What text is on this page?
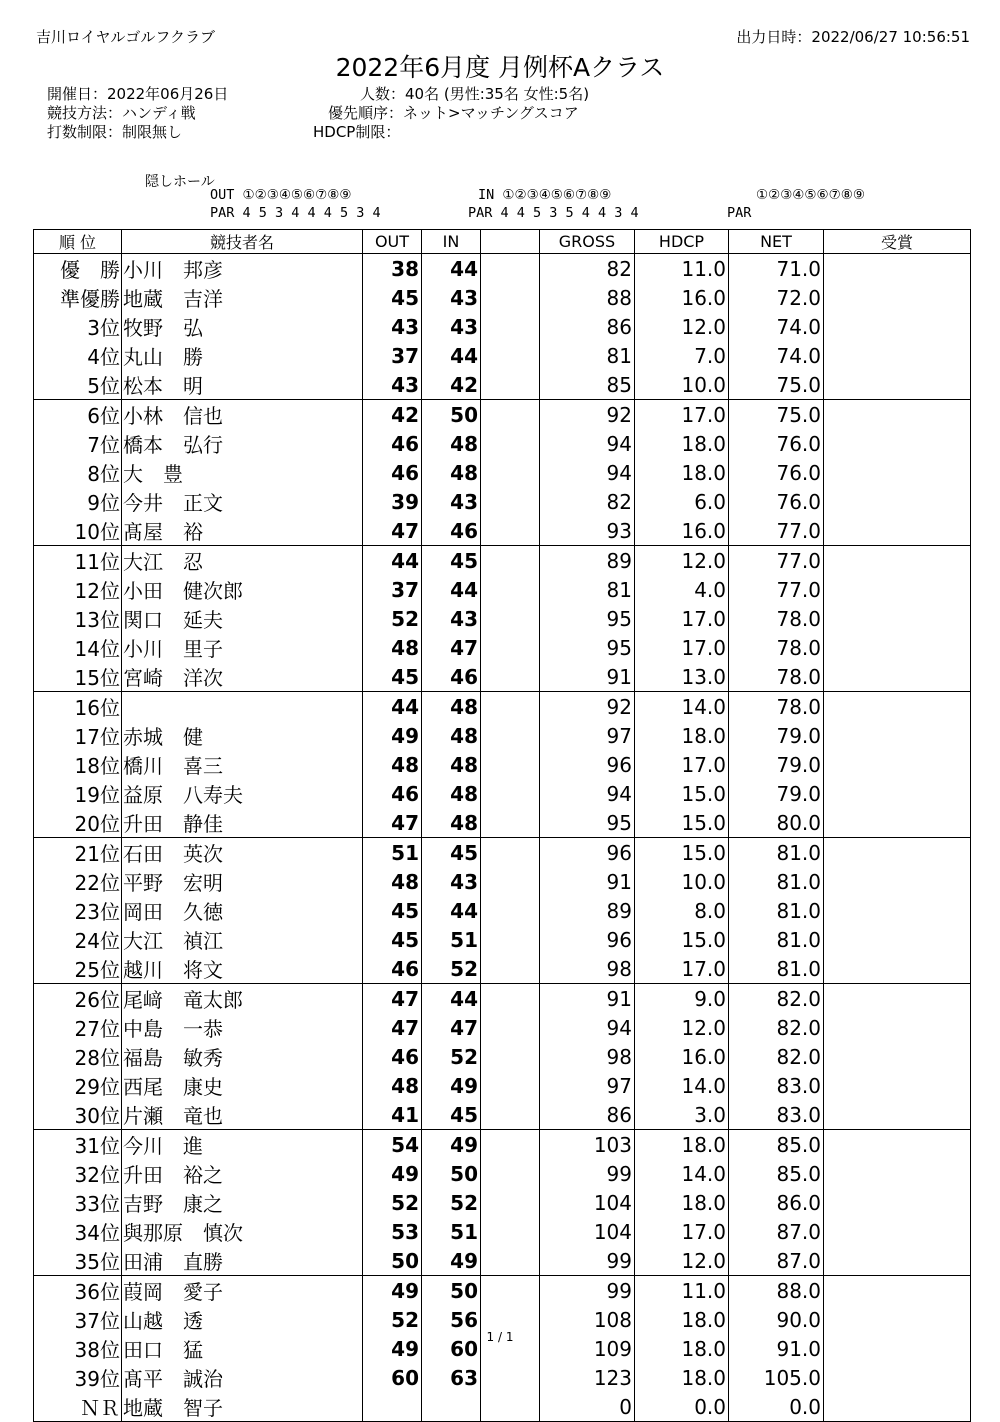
吉川ロイヤルゴルフクラブ	出力日時：2022/06/27 10:56:51
2022年6月度 月例杯Aクラス
開催日：2022年06月26日
競技方法：ハンディ戦
打数制限：制限無し
人数：40名 (男性:35名 女性:5名)
優先順序：ネット>マッチングスコア
HDCP制限：
隠しホール
OUT ①②③④⑤⑥⑦⑧⑨
PAR 4 5 3 4 4 4 5 3 4
IN ①②③④⑤⑥⑦⑧⑨
PAR 4 4 5 3 5 4 4 3 4
①②③④⑤⑥⑦⑧⑨
PAR
順 位	競技者名	OUT	IN		GROSS	HDCP	NET	受賞
優　勝	小川　邦彦	38	44		82	11.0	71.0	
準優勝	地蔵　吉洋	45	43		88	16.0	72.0	
3位	牧野　弘	43	43		86	12.0	74.0	
4位	丸山　勝	37	44		81	7.0	74.0	
5位	松本　明	43	42		85	10.0	75.0	
6位	小林　信也	42	50		92	17.0	75.0	
7位	橋本　弘行	46	48		94	18.0	76.0	
8位	大　豊	46	48		94	18.0	76.0	
9位	今井　正文	39	43		82	6.0	76.0	
10位	髙屋　裕	47	46		93	16.0	77.0	
11位	大江　忍	44	45		89	12.0	77.0	
12位	小田　健次郎	37	44		81	4.0	77.0	
13位	関口　延夫	52	43		95	17.0	78.0	
14位	小川　里子	48	47		95	17.0	78.0	
15位	宮崎　洋次	45	46		91	13.0	78.0	
16位		44	48		92	14.0	78.0	
17位	赤城　健	49	48		97	18.0	79.0	
18位	橋川　喜三	48	48		96	17.0	79.0	
19位	益原　八寿夫	46	48		94	15.0	79.0	
20位	升田　静佳	47	48		95	15.0	80.0	
21位	石田　英次	51	45		96	15.0	81.0	
22位	平野　宏明	48	43		91	10.0	81.0	
23位	岡田　久徳	45	44		89	8.0	81.0	
24位	大江　禎江	45	51		96	15.0	81.0	
25位	越川　将文	46	52		98	17.0	81.0	
26位	尾﨑　竜太郎	47	44		91	9.0	82.0	
27位	中島　一恭	47	47		94	12.0	82.0	
28位	福島　敏秀	46	52		98	16.0	82.0	
29位	西尾　康史	48	49		97	14.0	83.0	
30位	片瀬　竜也	41	45		86	3.0	83.0	
31位	今川　進	54	49		103	18.0	85.0	
32位	升田　裕之	49	50		99	14.0	85.0	
33位	吉野　康之	52	52		104	18.0	86.0	
34位	與那原　慎次	53	51		104	17.0	87.0	
35位	田浦　直勝	50	49		99	12.0	87.0	
36位	葭岡　愛子	49	50		99	11.0	88.0	
37位	山越　透	52	56		108	18.0	90.0	
38位	田口　猛	49	60		109	18.0	91.0	
39位	髙平　誠治	60	63		123	18.0	105.0	
ＮＲ	地蔵　智子				0	0.0	0.0	
1 / 1
